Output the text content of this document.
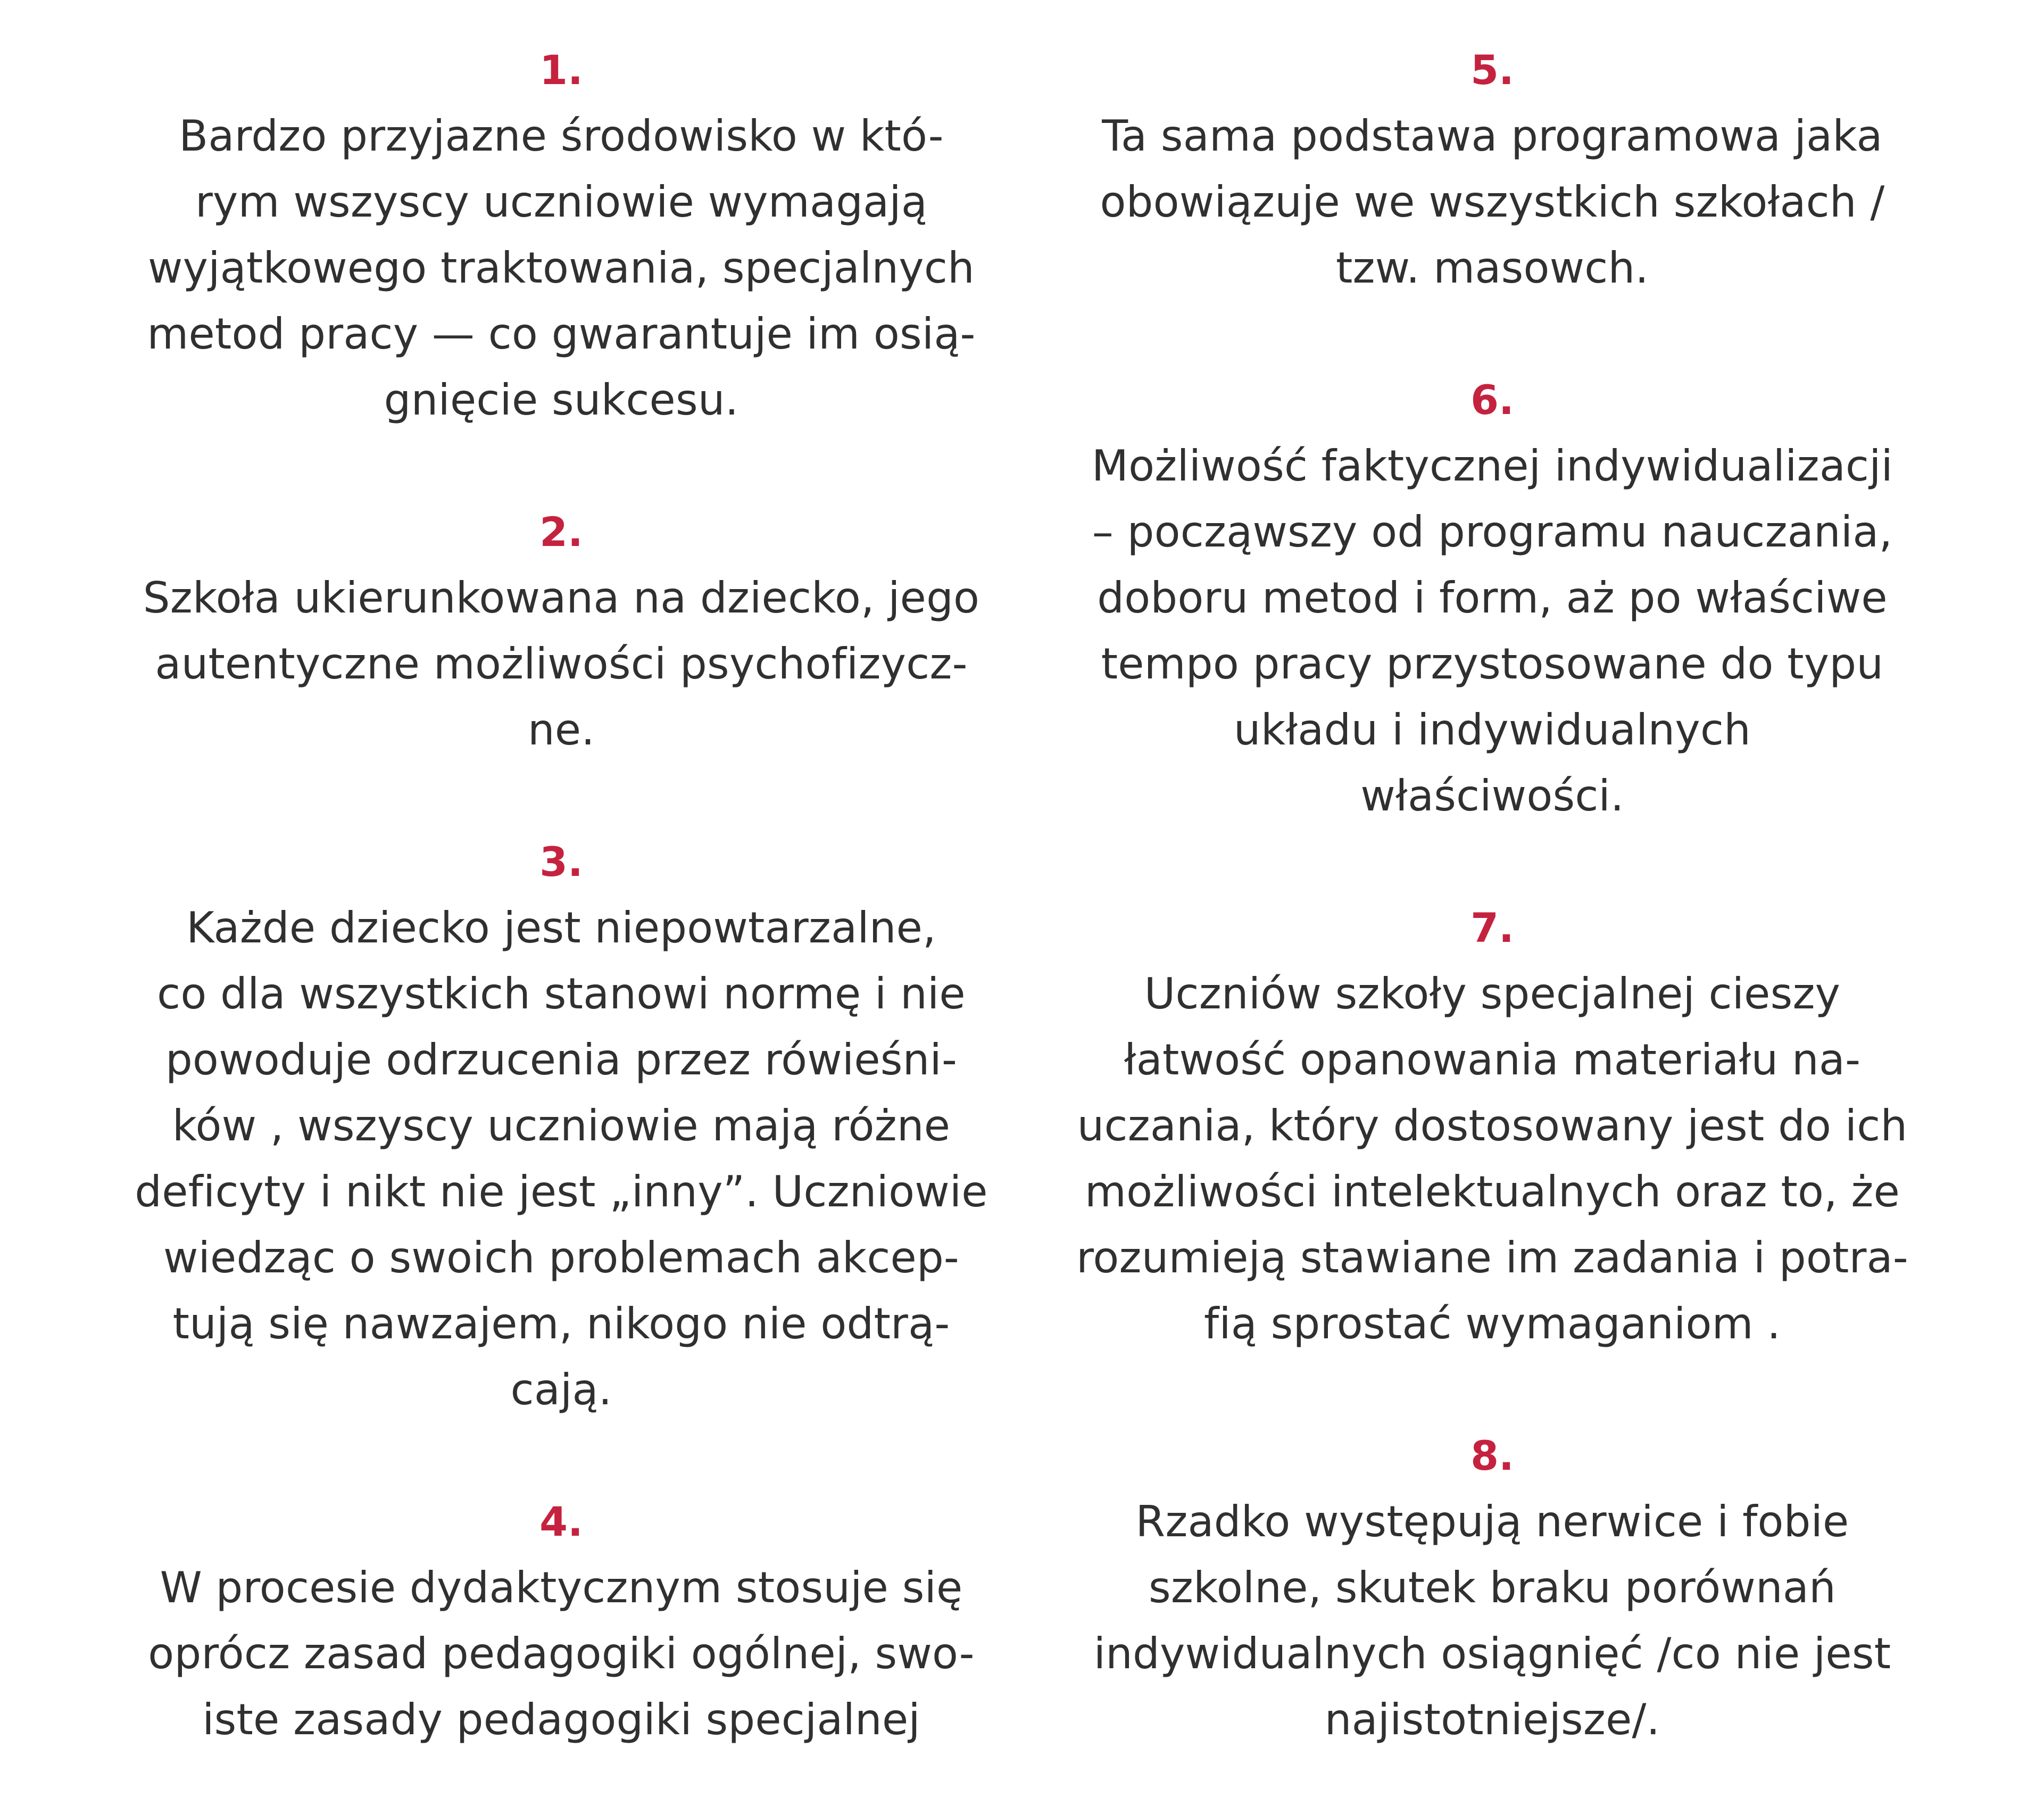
1.
Bardzo przyjazne środowisko w któ-
rym wszyscy uczniowie wymagają
wyjątkowego traktowania, specjalnych
metod pracy — co gwarantuje im osią-
gnięcie sukcesu.
2.
Szkoła ukierunkowana na dziecko, jego
autentyczne możliwości psychofizycz-
ne.
3.
Każde dziecko jest niepowtarzalne,
co dla wszystkich stanowi normę i nie
powoduje odrzucenia przez rówieśni-
ków , wszyscy uczniowie mają różne
deficyty i nikt nie jest „inny”. Uczniowie
wiedząc o swoich problemach akcep-
tują się nawzajem, nikogo nie odtrą-
cają.
4.
W procesie dydaktycznym stosuje się
oprócz zasad pedagogiki ogólnej, swo-
iste zasady pedagogiki specjalnej
5.
Ta sama podstawa programowa jaka
obowiązuje we wszystkich szkołach /
tzw. masowch.
6.
Możliwość faktycznej indywidualizacji
– począwszy od programu nauczania,
doboru metod i form, aż po właściwe
tempo pracy przystosowane do typu
układu i indywidualnych
właściwości.
7.
Uczniów szkoły specjalnej cieszy
łatwość opanowania materiału na-
uczania, który dostosowany jest do ich
możliwości intelektualnych oraz to, że
rozumieją stawiane im zadania i potra-
fią sprostać wymaganiom .
8.
Rzadko występują nerwice i fobie
szkolne, skutek braku porównań
indywidualnych osiągnięć /co nie jest
najistotniejsze/.
